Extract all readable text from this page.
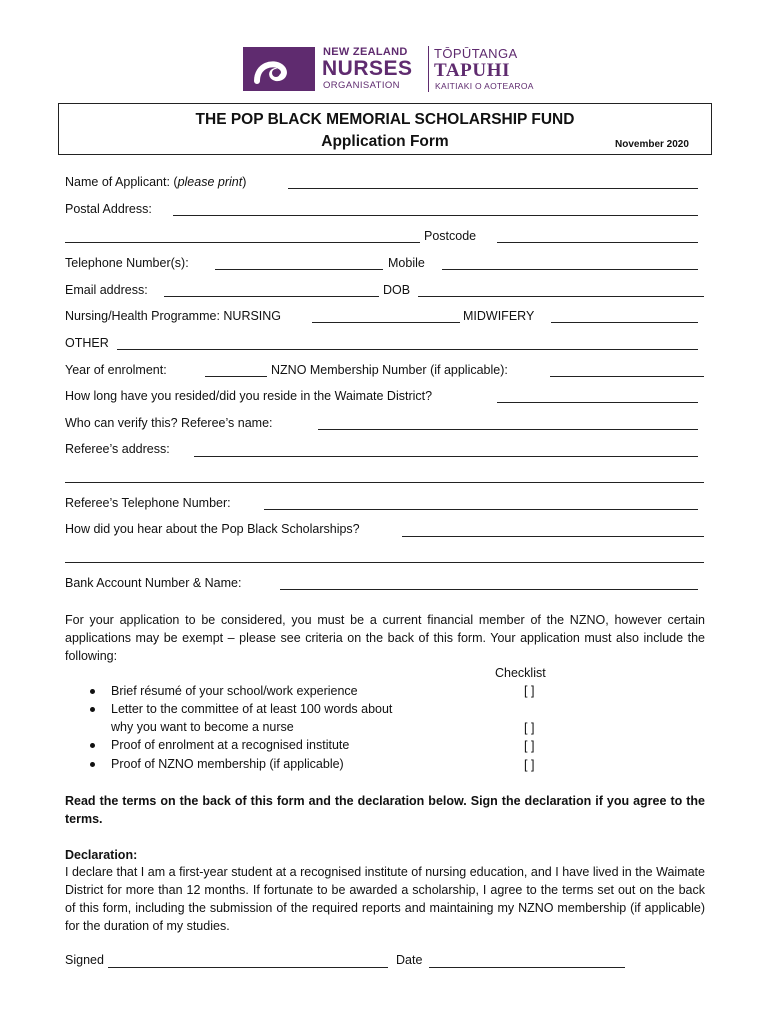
NEW ZEALAND
NURSES
ORGANISATION
TŌPŪTANGA
TAPUHI
KAITIAKI O AOTEAROA
THE POP BLACK MEMORIAL SCHOLARSHIP FUND
Application Form	November 2020
Name of Applicant: (please print)
Postal Address:
Postcode
Telephone Number(s):	Mobile
Email address:	DOB
Nursing/Health Programme: NURSING	MIDWIFERY
OTHER
Year of enrolment:	NZNO Membership Number (if applicable):
How long have you resided/did you reside in the Waimate District?
Who can verify this? Referee’s name:
Referee’s address:
Referee’s Telephone Number:
How did you hear about the Pop Black Scholarships?
Bank Account Number & Name:
For your application to be considered, you must be a current financial member of the NZNO, however certain applications may be exempt – please see criteria on the back of this form. Your application must also include the following:
Checklist
Brief résumé of your school/work experience	[ ]
Letter to the committee of at least 100 words about
why you want to become a nurse	[ ]
Proof of enrolment at a recognised institute	[ ]
Proof of NZNO membership (if applicable)	[ ]
Read the terms on the back of this form and the declaration below. Sign the declaration if you agree to the terms.
Declaration:
I declare that I am a first-year student at a recognised institute of nursing education, and I have lived in the Waimate District for more than 12 months. If fortunate to be awarded a scholarship, I agree to the terms set out on the back of this form, including the submission of the required reports and maintaining my NZNO membership (if applicable) for the duration of my studies.
Signed	Date
